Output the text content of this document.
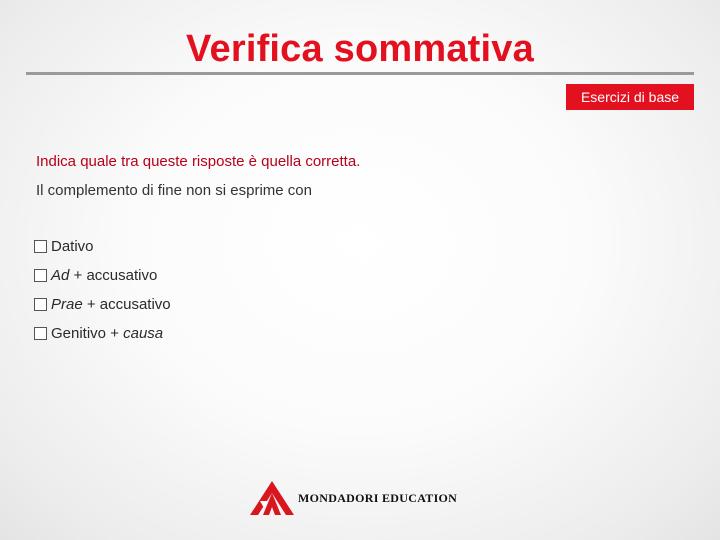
Verifica sommativa
Esercizi di base
Indica quale tra queste risposte è quella corretta.
Il complemento di fine non si esprime con
Dativo
Ad + accusativo
Prae + accusativo
Genitivo + causa
MONDADORI EDUCATION
